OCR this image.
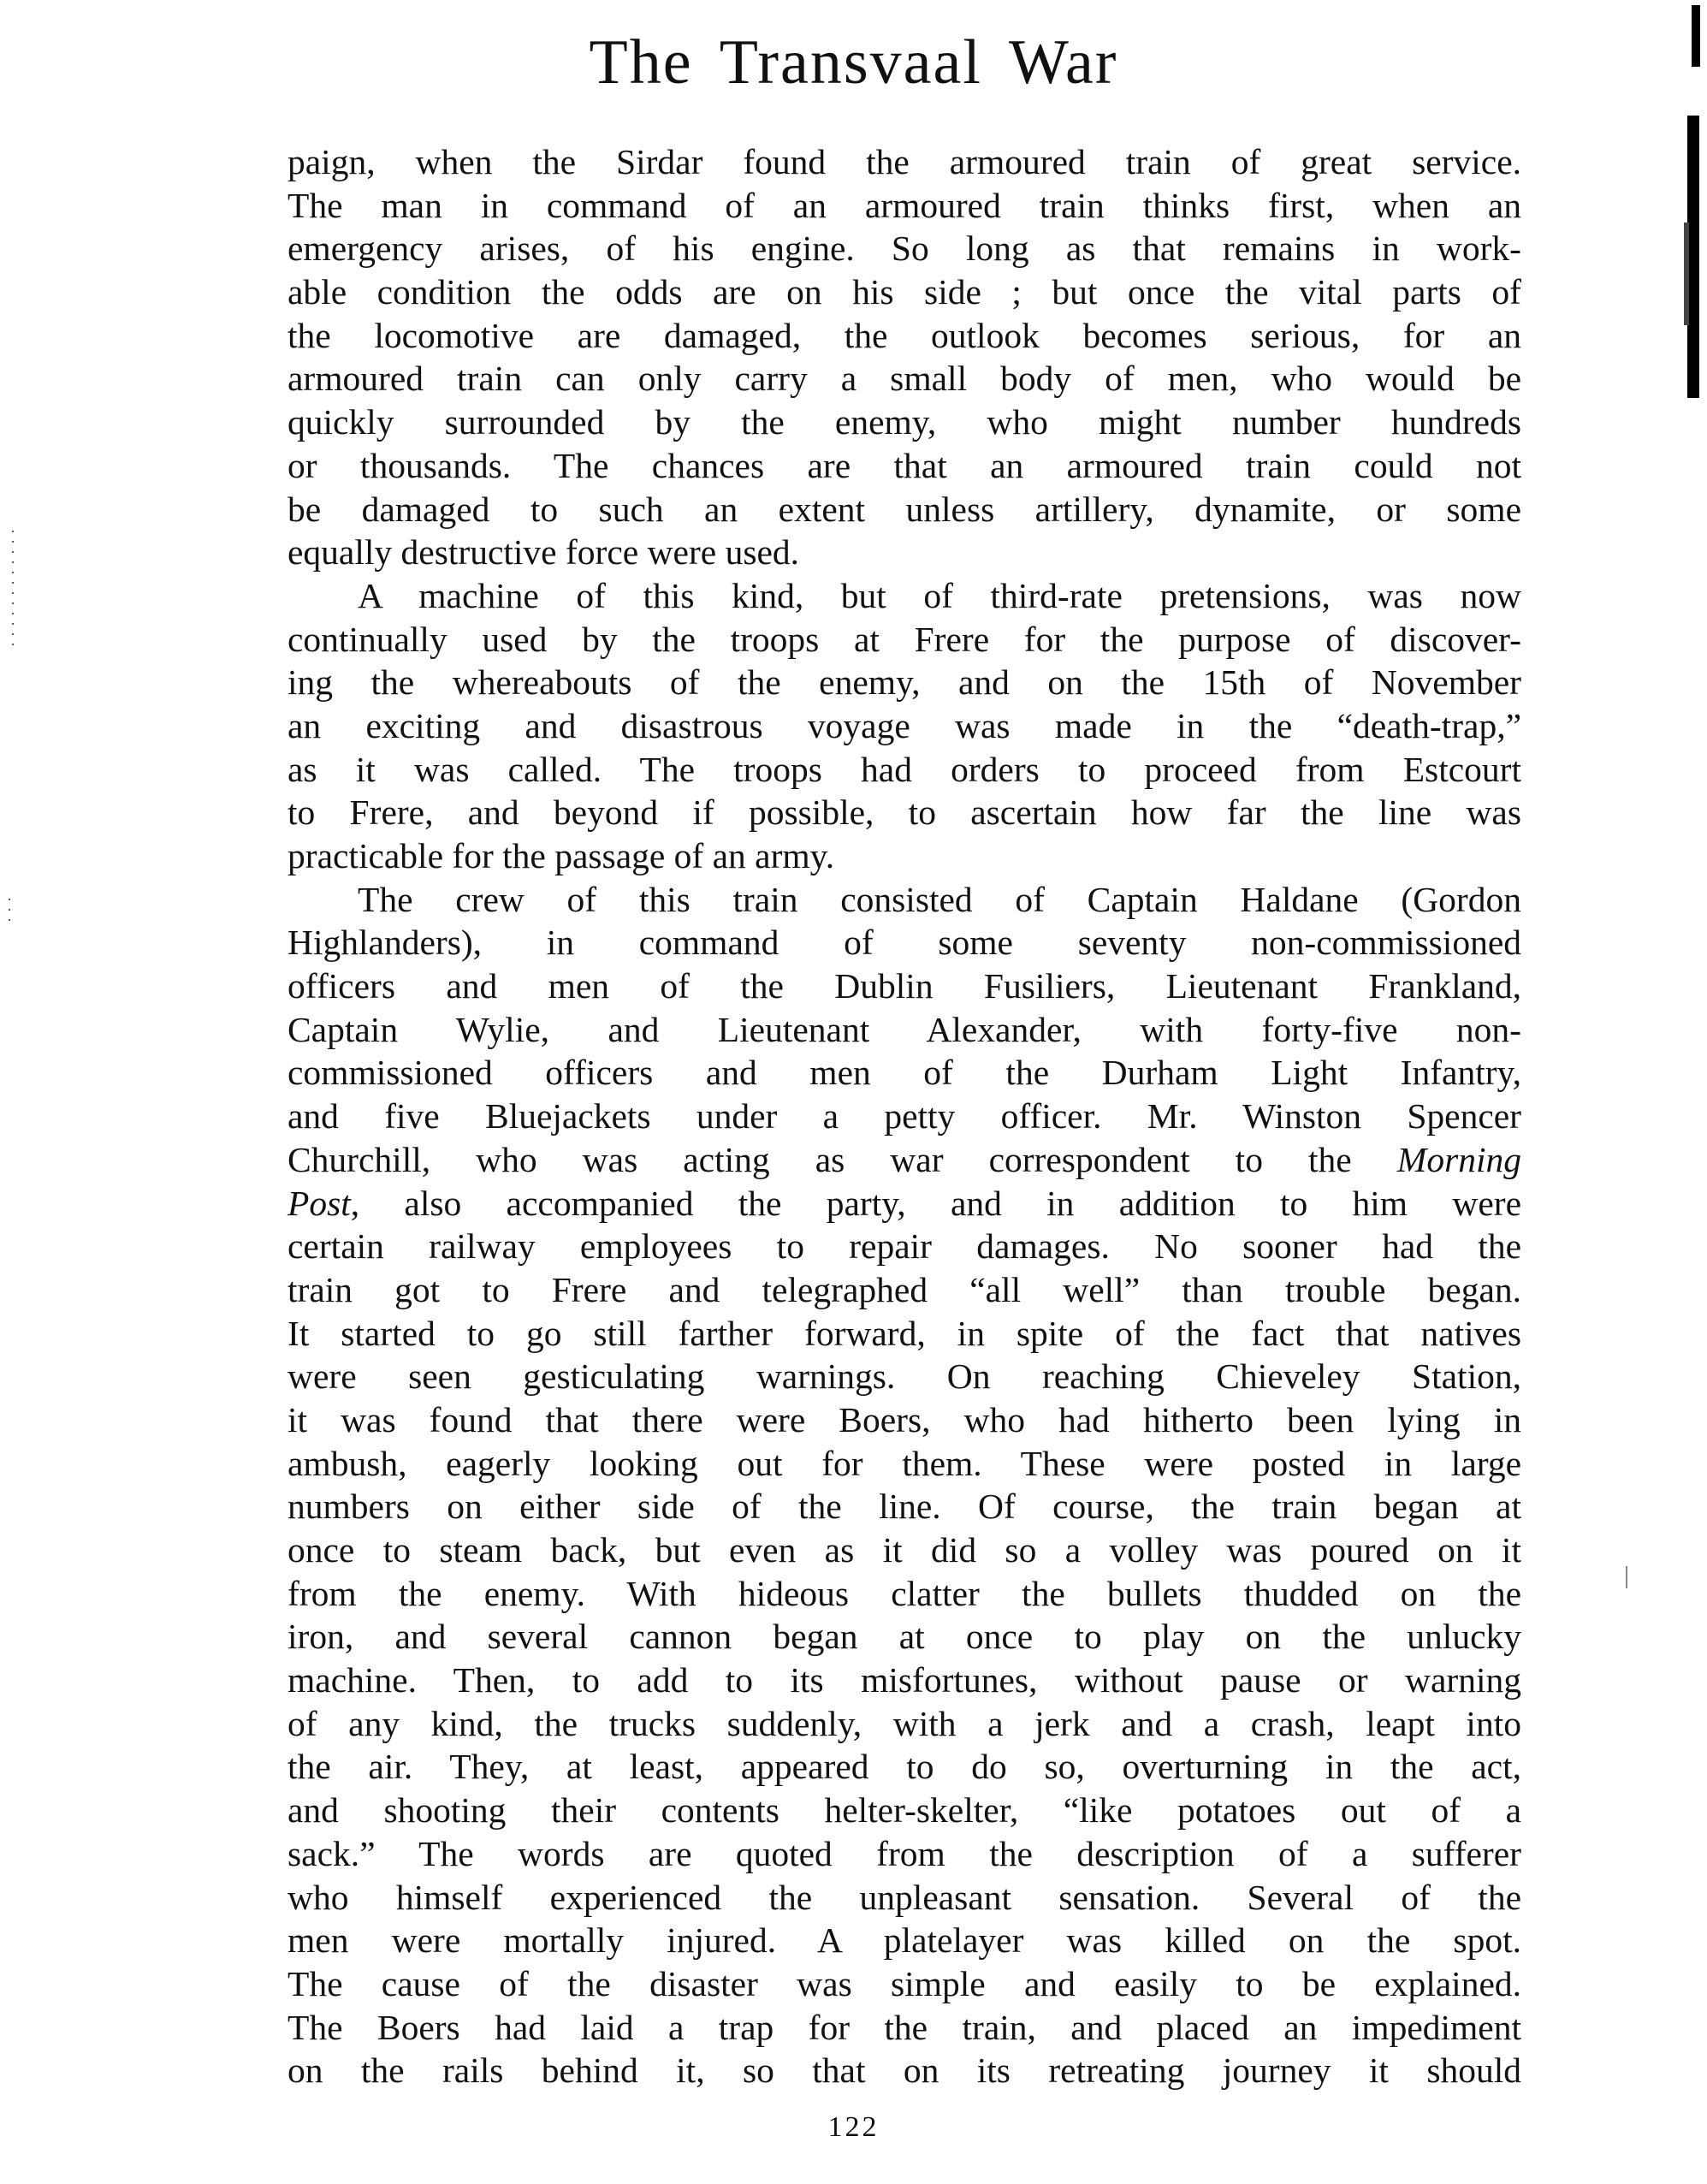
The Transvaal War
paign, when the Sirdar found the armoured train of great service.
The man in command of an armoured train thinks first, when an
emergency arises, of his engine. So long as that remains in work-
able condition the odds are on his side ; but once the vital parts of
the locomotive are damaged, the outlook becomes serious, for an
armoured train can only carry a small body of men, who would be
quickly surrounded by the enemy, who might number hundreds
or thousands. The chances are that an armoured train could not
be damaged to such an extent unless artillery, dynamite, or some
equally destructive force were used.
A machine of this kind, but of third-rate pretensions, was now
continually used by the troops at Frere for the purpose of discover-
ing the whereabouts of the enemy, and on the 15th of November
an exciting and disastrous voyage was made in the “death-trap,”
as it was called. The troops had orders to proceed from Estcourt
to Frere, and beyond if possible, to ascertain how far the line was
practicable for the passage of an army.
The crew of this train consisted of Captain Haldane (Gordon
Highlanders), in command of some seventy non-commissioned
officers and men of the Dublin Fusiliers, Lieutenant Frankland,
Captain Wylie, and Lieutenant Alexander, with forty-five non-
commissioned officers and men of the Durham Light Infantry,
and five Bluejackets under a petty officer. Mr. Winston Spencer
Churchill, who was acting as war correspondent to the Morning
Post, also accompanied the party, and in addition to him were
certain railway employees to repair damages. No sooner had the
train got to Frere and telegraphed “all well” than trouble began.
It started to go still farther forward, in spite of the fact that natives
were seen gesticulating warnings. On reaching Chieveley Station,
it was found that there were Boers, who had hitherto been lying in
ambush, eagerly looking out for them. These were posted in large
numbers on either side of the line. Of course, the train began at
once to steam back, but even as it did so a volley was poured on it
from the enemy. With hideous clatter the bullets thudded on the
iron, and several cannon began at once to play on the unlucky
machine. Then, to add to its misfortunes, without pause or warning
of any kind, the trucks suddenly, with a jerk and a crash, leapt into
the air. They, at least, appeared to do so, overturning in the act,
and shooting their contents helter-skelter, “like potatoes out of a
sack.” The words are quoted from the description of a sufferer
who himself experienced the unpleasant sensation. Several of the
men were mortally injured. A platelayer was killed on the spot.
The cause of the disaster was simple and easily to be explained.
The Boers had laid a trap for the train, and placed an impediment
on the rails behind it, so that on its retreating journey it should
122
